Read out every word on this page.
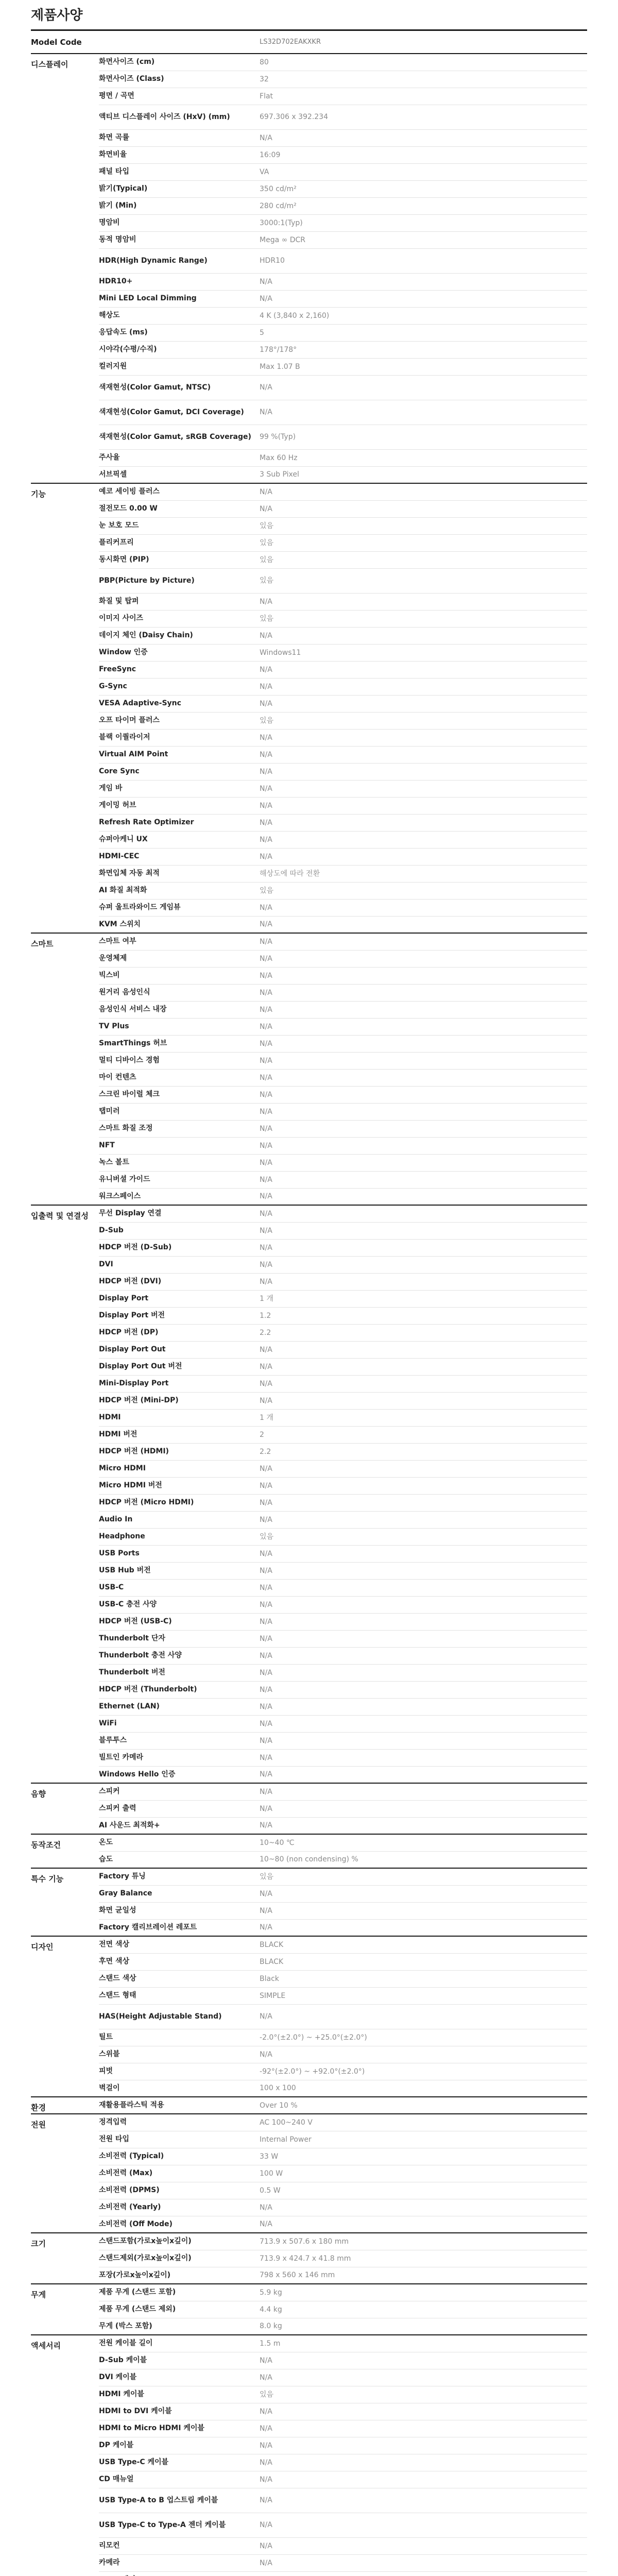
제품사양
Model Code		LS32D702EAKXKR
디스플레이	화면사이즈 (cm)	80
	화면사이즈 (Class)	32
	평면 / 곡면	Flat
	액티브 디스플레이 사이즈 (HxV) (mm)	697.306 x 392.234
	화면 곡률	N/A
	화면비율	16:09
	패널 타입	VA
	밝기(Typical)	350 cd/m²
	밝기 (Min)	280 cd/m²
	명암비	3000:1(Typ)
	동적 명암비	Mega ∞ DCR
	HDR(High Dynamic Range)	HDR10
	HDR10+	N/A
	Mini LED Local Dimming	N/A
	해상도	4 K (3,840 x 2,160)
	응답속도 (ms)	5
	시야각(수평/수직)	178°/178°
	컬러지원	Max 1.07 B
	색재현성(Color Gamut, NTSC)	N/A
	색재현성(Color Gamut, DCI Coverage)	N/A
	색재현성(Color Gamut, sRGB Coverage)	99 %(Typ)
	주사율	Max 60 Hz
	서브픽셀	3 Sub Pixel
기능	예코 세이빙 플러스	N/A
	절전모드 0.00 W	N/A
	눈 보호 모드	있음
	플리커프리	있음
	동시화면 (PIP)	있음
	PBP(Picture by Picture)	있음
	화질 및 탑퍼	N/A
	이미지 사이즈	있음
	데이지 체인 (Daisy Chain)	N/A
	Window 인증	Windows11
	FreeSync	N/A
	G-Sync	N/A
	VESA Adaptive-Sync	N/A
	오프 타이머 플러스	있음
	블랙 이퀄라이저	N/A
	Virtual AIM Point	N/A
	Core Sync	N/A
	게임 바	N/A
	게이밍 허브	N/A
	Refresh Rate Optimizer	N/A
	슈퍼아케니 UX	N/A
	HDMI-CEC	N/A
	화면입체 자동 최적	해상도에 따라 전환
	AI 화질 최적화	있음
	슈퍼 울트라와이드 게임뷰	N/A
	KVM 스위치	N/A
스마트	스마트 여부	N/A
	운영체제	N/A
	빅스비	N/A
	원거리 음성인식	N/A
	음성인식 서비스 내장	N/A
	TV Plus	N/A
	SmartThings 허브	N/A
	멀티 디바이스 경험	N/A
	마이 컨텐츠	N/A
	스크린 바이럴 체크	N/A
	탭미러	N/A
	스마트 화질 조정	N/A
	NFT	N/A
	녹스 볼트	N/A
	유니버셜 가이드	N/A
	워크스페이스	N/A
입출력 및 연결성	무선 Display 연결	N/A
	D-Sub	N/A
	HDCP 버전 (D-Sub)	N/A
	DVI	N/A
	HDCP 버전 (DVI)	N/A
	Display Port	1 개
	Display Port 버전	1.2
	HDCP 버전 (DP)	2.2
	Display Port Out	N/A
	Display Port Out 버전	N/A
	Mini-Display Port	N/A
	HDCP 버전 (Mini-DP)	N/A
	HDMI	1 개
	HDMI 버전	2
	HDCP 버전 (HDMI)	2.2
	Micro HDMI	N/A
	Micro HDMI 버전	N/A
	HDCP 버전 (Micro HDMI)	N/A
	Audio In	N/A
	Headphone	있음
	USB Ports	N/A
	USB Hub 버전	N/A
	USB-C	N/A
	USB-C 충전 사양	N/A
	HDCP 버전 (USB-C)	N/A
	Thunderbolt 단자	N/A
	Thunderbolt 충전 사양	N/A
	Thunderbolt 버전	N/A
	HDCP 버전 (Thunderbolt)	N/A
	Ethernet (LAN)	N/A
	WiFi	N/A
	블루투스	N/A
	빌트인 카메라	N/A
	Windows Hello 인증	N/A
음향	스피커	N/A
	스피커 출력	N/A
	AI 사운드 최적화+	N/A
동작조건	온도	10~40 ℃
	습도	10~80 (non condensing) %
특수 기능	Factory 튜닝	있음
	Gray Balance	N/A
	화면 균일성	N/A
	Factory 캘리브레이션 레포트	N/A
디자인	전면 색상	BLACK
	후면 색상	BLACK
	스탠드 색상	Black
	스탠드 형태	SIMPLE
	HAS(Height Adjustable Stand)	N/A
	틸트	-2.0°(±2.0°) ~ +25.0°(±2.0°)
	스위블	N/A
	피벗	-92°(±2.0°) ~ +92.0°(±2.0°)
	벽걸이	100 x 100
환경	재활용플라스틱 적용	Over 10 %
전원	정격입력	AC 100~240 V
	전원 타입	Internal Power
	소비전력 (Typical)	33 W
	소비전력 (Max)	100 W
	소비전력 (DPMS)	0.5 W
	소비전력 (Yearly)	N/A
	소비전력 (Off Mode)	N/A
크기	스탠드포함(가로x높이x깊이)	713.9 x 507.6 x 180 mm
	스탠드제외(가로x높이x깊이)	713.9 x 424.7 x 41.8 mm
	포장(가로x높이x깊이)	798 x 560 x 146 mm
무게	제품 무게 (스탠드 포함)	5.9 kg
	제품 무게 (스탠드 제외)	4.4 kg
	무게 (박스 포함)	8.0 kg
액세서리	전원 케이블 길이	1.5 m
	D-Sub 케이블	N/A
	DVI 케이블	N/A
	HDMI 케이블	있음
	HDMI to DVI 케이블	N/A
	HDMI to Micro HDMI 케이블	N/A
	DP 케이블	N/A
	USB Type-C 케이블	N/A
	CD 매뉴얼	N/A
	USB Type-A to B 업스트림 케이블	N/A
	USB Type-C to Type-A 젠더 케이블	N/A
	리모컨	N/A
	카메라	N/A
